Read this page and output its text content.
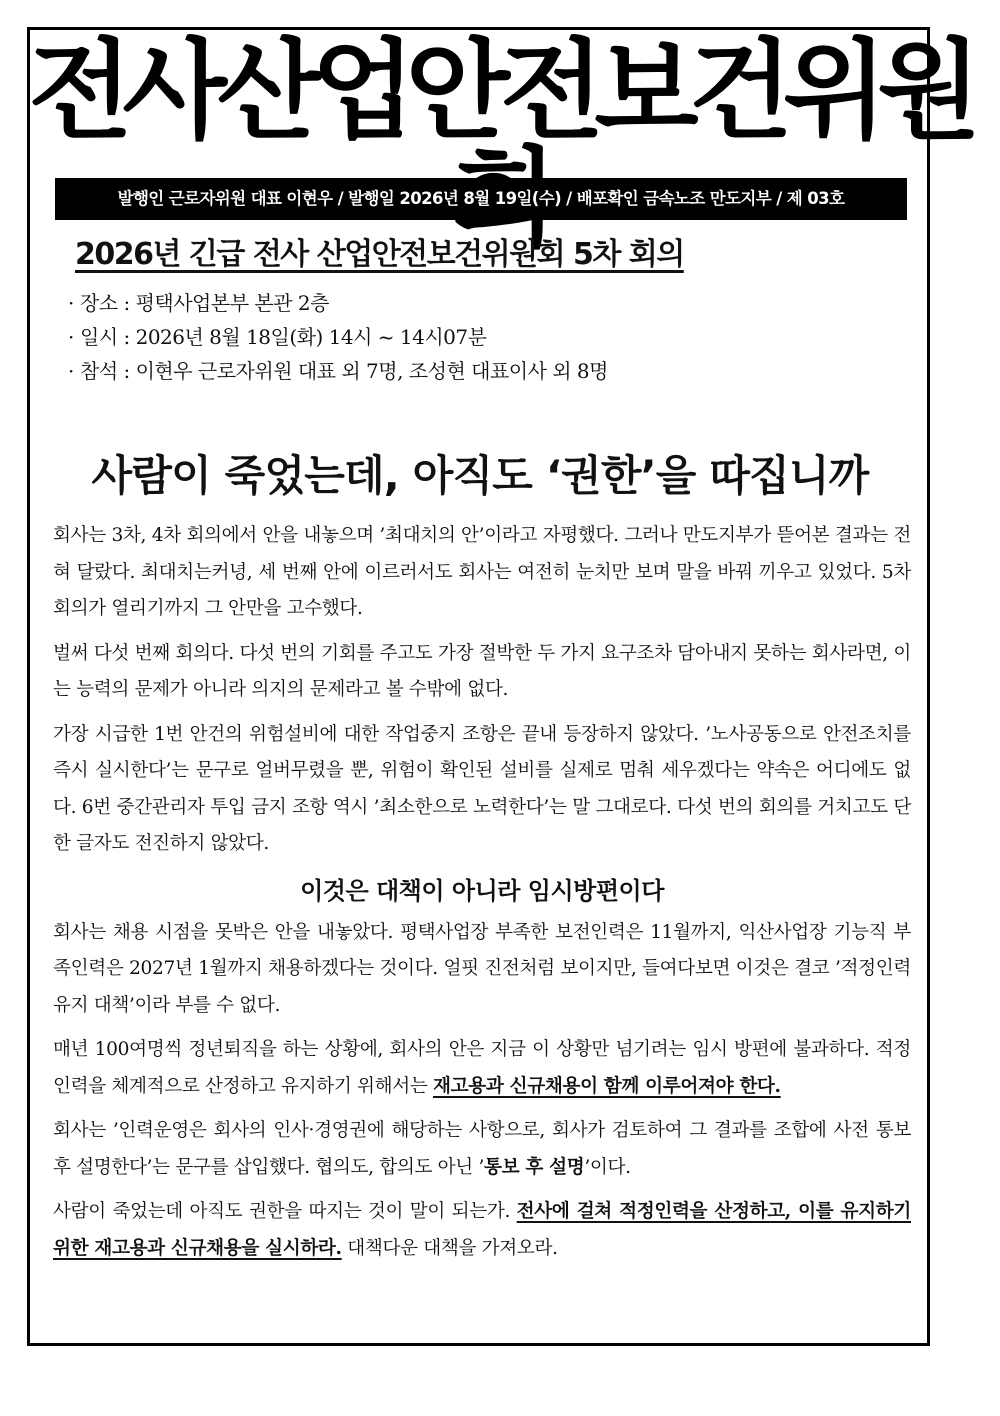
전사산업안전보건위원
발행인 근로자위원 대표 이현우 / 발행일 2026년 8월 19일(수) / 배포확인 금속노조 만도지부 / 제 03호
2026년 긴급 전사 산업안전보건위원회 5차 회의
· 장소 : 평택사업본부 본관 2층
· 일시 : 2026년 8월 18일(화) 14시 ~ 14시07분
· 참석 : 이현우 근로자위원 대표 외 7명, 조성현 대표이사 외 8명
사람이 죽었는데, 아직도 ‘권한’을 따집니까

회사는 3차, 4차 회의에서 안을 내놓으며 ’최대치의 안’이라고 자평했다. 그러나 만도지부가 뜯어본 결과는 전혀 달랐다. 최대치는커녕, 세 번째 안에 이르러서도 회사는 여전히 눈치만 보며 말을 바꿔 끼우고 있었다. 5차 회의가 열리기까지 그 안만을 고수했다.

벌써 다섯 번째 회의다. 다섯 번의 기회를 주고도 가장 절박한 두 가지 요구조차 담아내지 못하는 회사라면, 이는 능력의 문제가 아니라 의지의 문제라고 볼 수밖에 없다.

가장 시급한 1번 안건의 위험설비에 대한 작업중지 조항은 끝내 등장하지 않았다. ’노사공동으로 안전조치를 즉시 실시한다’는 문구로 얼버무렸을 뿐, 위험이 확인된 설비를 실제로 멈춰 세우겠다는 약속은 어디에도 없다. 6번 중간관리자 투입 금지 조항 역시 ’최소한으로 노력한다’는 말 그대로다. 다섯 번의 회의를 거치고도 단 한 글자도 전진하지 않았다.

이것은 대책이 아니라 임시방편이다

회사는 채용 시점을 못박은 안을 내놓았다. 평택사업장 부족한 보전인력은 11월까지, 익산사업장 기능직 부족인력은 2027년 1월까지 채용하겠다는 것이다. 얼핏 진전처럼 보이지만, 들여다보면 이것은 결코 ’적정인력 유지 대책’이라 부를 수 없다.

매년 100여명씩 정년퇴직을 하는 상황에, 회사의 안은 지금 이 상황만 넘기려는 임시 방편에 불과하다. 적정인력을 체계적으로 산정하고 유지하기 위해서는 재고용과 신규채용이 함께 이루어져야 한다.

회사는 ’인력운영은 회사의 인사·경영권에 해당하는 사항으로, 회사가 검토하여 그 결과를 조합에 사전 통보 후 설명한다’는 문구를 삽입했다. 협의도, 합의도 아닌 ’통보 후 설명’이다.

사람이 죽었는데 아직도 권한을 따지는 것이 말이 되는가. 전사에 걸쳐 적정인력을 산정하고, 이를 유지하기 위한 재고용과 신규채용을 실시하라. 대책다운 대책을 가져오라.
